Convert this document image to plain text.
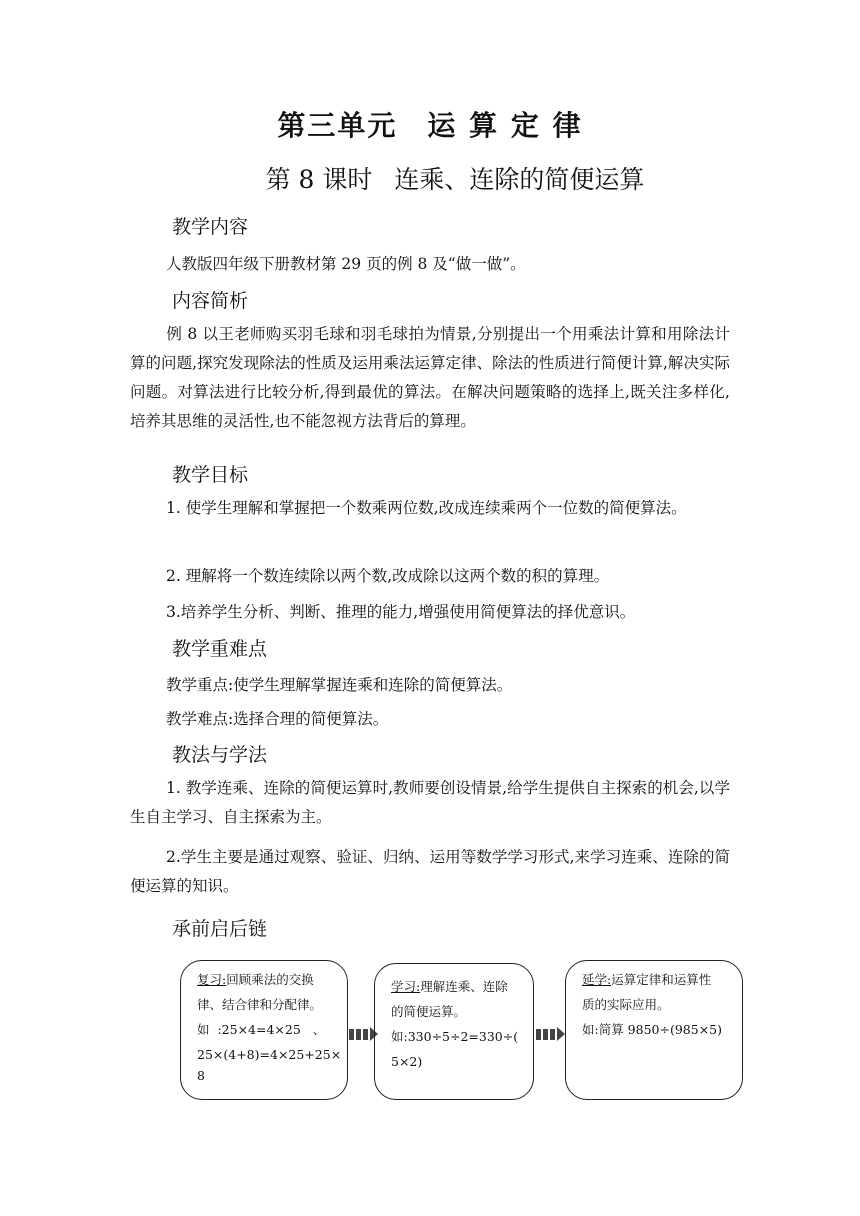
第三单元 运 算 定 律
第 8 课时 连乘、连除的简便运算
教学内容
人教版四年级下册教材第 29 页的例 8 及“做一做”。
内容简析
例 8 以王老师购买羽毛球和羽毛球拍为情景,分别提出一个用乘法计算和用除法计算的问题,探究发现除法的性质及运用乘法运算定律、除法的性质进行简便计算,解决实际问题。对算法进行比较分析,得到最优的算法。在解决问题策略的选择上,既关注多样化,培养其思维的灵活性,也不能忽视方法背后的算理。
教学目标
1. 使学生理解和掌握把一个数乘两位数,改成连续乘两个一位数的简便算法。
2. 理解将一个数连续除以两个数,改成除以这两个数的积的算理。
3.培养学生分析、判断、推理的能力,增强使用简便算法的择优意识。
教学重难点
教学重点:使学生理解掌握连乘和连除的简便算法。
教学难点:选择合理的简便算法。
教法与学法
1. 教学连乘、连除的简便运算时,教师要创设情景,给学生提供自主探索的机会,以学生自主学习、自主探索为主。
2.学生主要是通过观察、验证、归纳、运用等数学学习形式,来学习连乘、连除的简便运算的知识。
承前启后链
复习:回顾乘法的交换
律、结合律和分配律。
如  :25×4=4×25   、
25×(4+8)=4×25+25×
8
学习:理解连乘、连除
的简便运算。
如:330÷5÷2=330÷(
5×2)
延学:运算定律和运算性
质的实际应用。
如:简算 9850÷(985×5)
